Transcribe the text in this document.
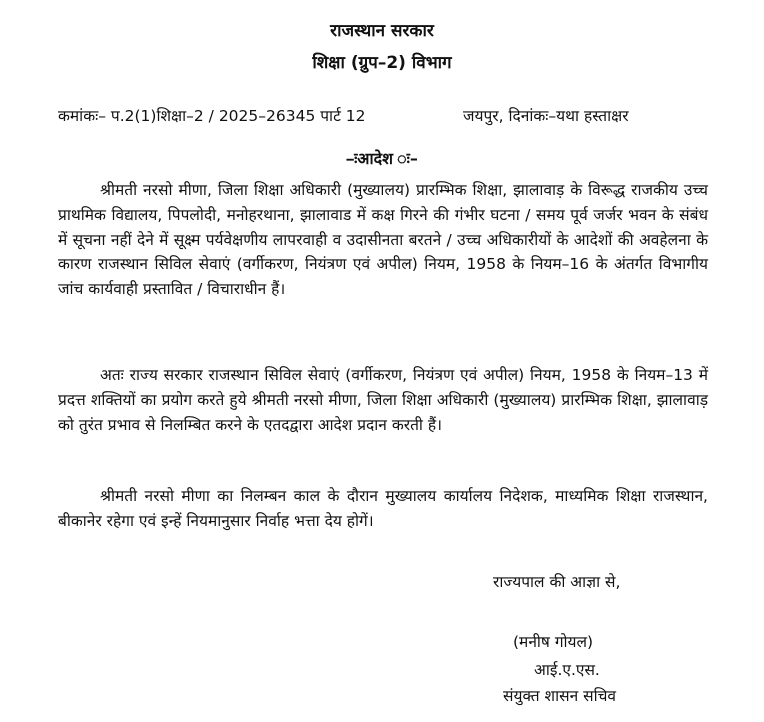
राजस्थान सरकार
शिक्षा (ग्रुप–2) विभाग
कमांकः– प.2(1)शिक्षा–2 / 2025–26345 पार्ट 12	जयपुर, दिनांकः–यथा हस्ताक्षर
–ःआदेश ः–

श्रीमती नरसो मीणा, जिला शिक्षा अधिकारी (मुख्यालय) प्रारम्भिक शिक्षा, झालावाड़ के विरूद्ध राजकीय उच्च प्राथमिक विद्यालय, पिपलोदी, मनोहरथाना, झालावाड में कक्ष गिरने की गंभीर घटना / समय पूर्व जर्जर भवन के संबंध में सूचना नहीं देने में सूक्ष्म पर्यवेक्षणीय लापरवाही व उदासीनता बरतने / उच्च अधिकारीयों के आदेशों की अवहेलना के कारण राजस्थान सिविल सेवाएं (वर्गीकरण, नियंत्रण एवं अपील) नियम, 1958 के नियम–16 के अंतर्गत विभागीय जांच कार्यवाही प्रस्तावित / विचाराधीन हैं।

अतः राज्य सरकार राजस्थान सिविल सेवाएं (वर्गीकरण, नियंत्रण एवं अपील) नियम, 1958 के नियम–13 में प्रदत्त शक्तियों का प्रयोग करते हुये श्रीमती नरसो मीणा, जिला शिक्षा अधिकारी (मुख्यालय) प्रारम्भिक शिक्षा, झालावाड़ को तुरंत प्रभाव से निलम्बित करने के एतदद्वारा आदेश प्रदान करती हैं।

श्रीमती नरसो मीणा का निलम्बन काल के दौरान मुख्यालय कार्यालय निदेशक, माध्यमिक शिक्षा राजस्थान, बीकानेर रहेगा एवं इन्हें नियमानुसार निर्वाह भत्ता देय होगें।

राज्यपाल की आज्ञा से,
(मनीष गोयल)
आई.ए.एस.
संयुक्त शासन सचिव
